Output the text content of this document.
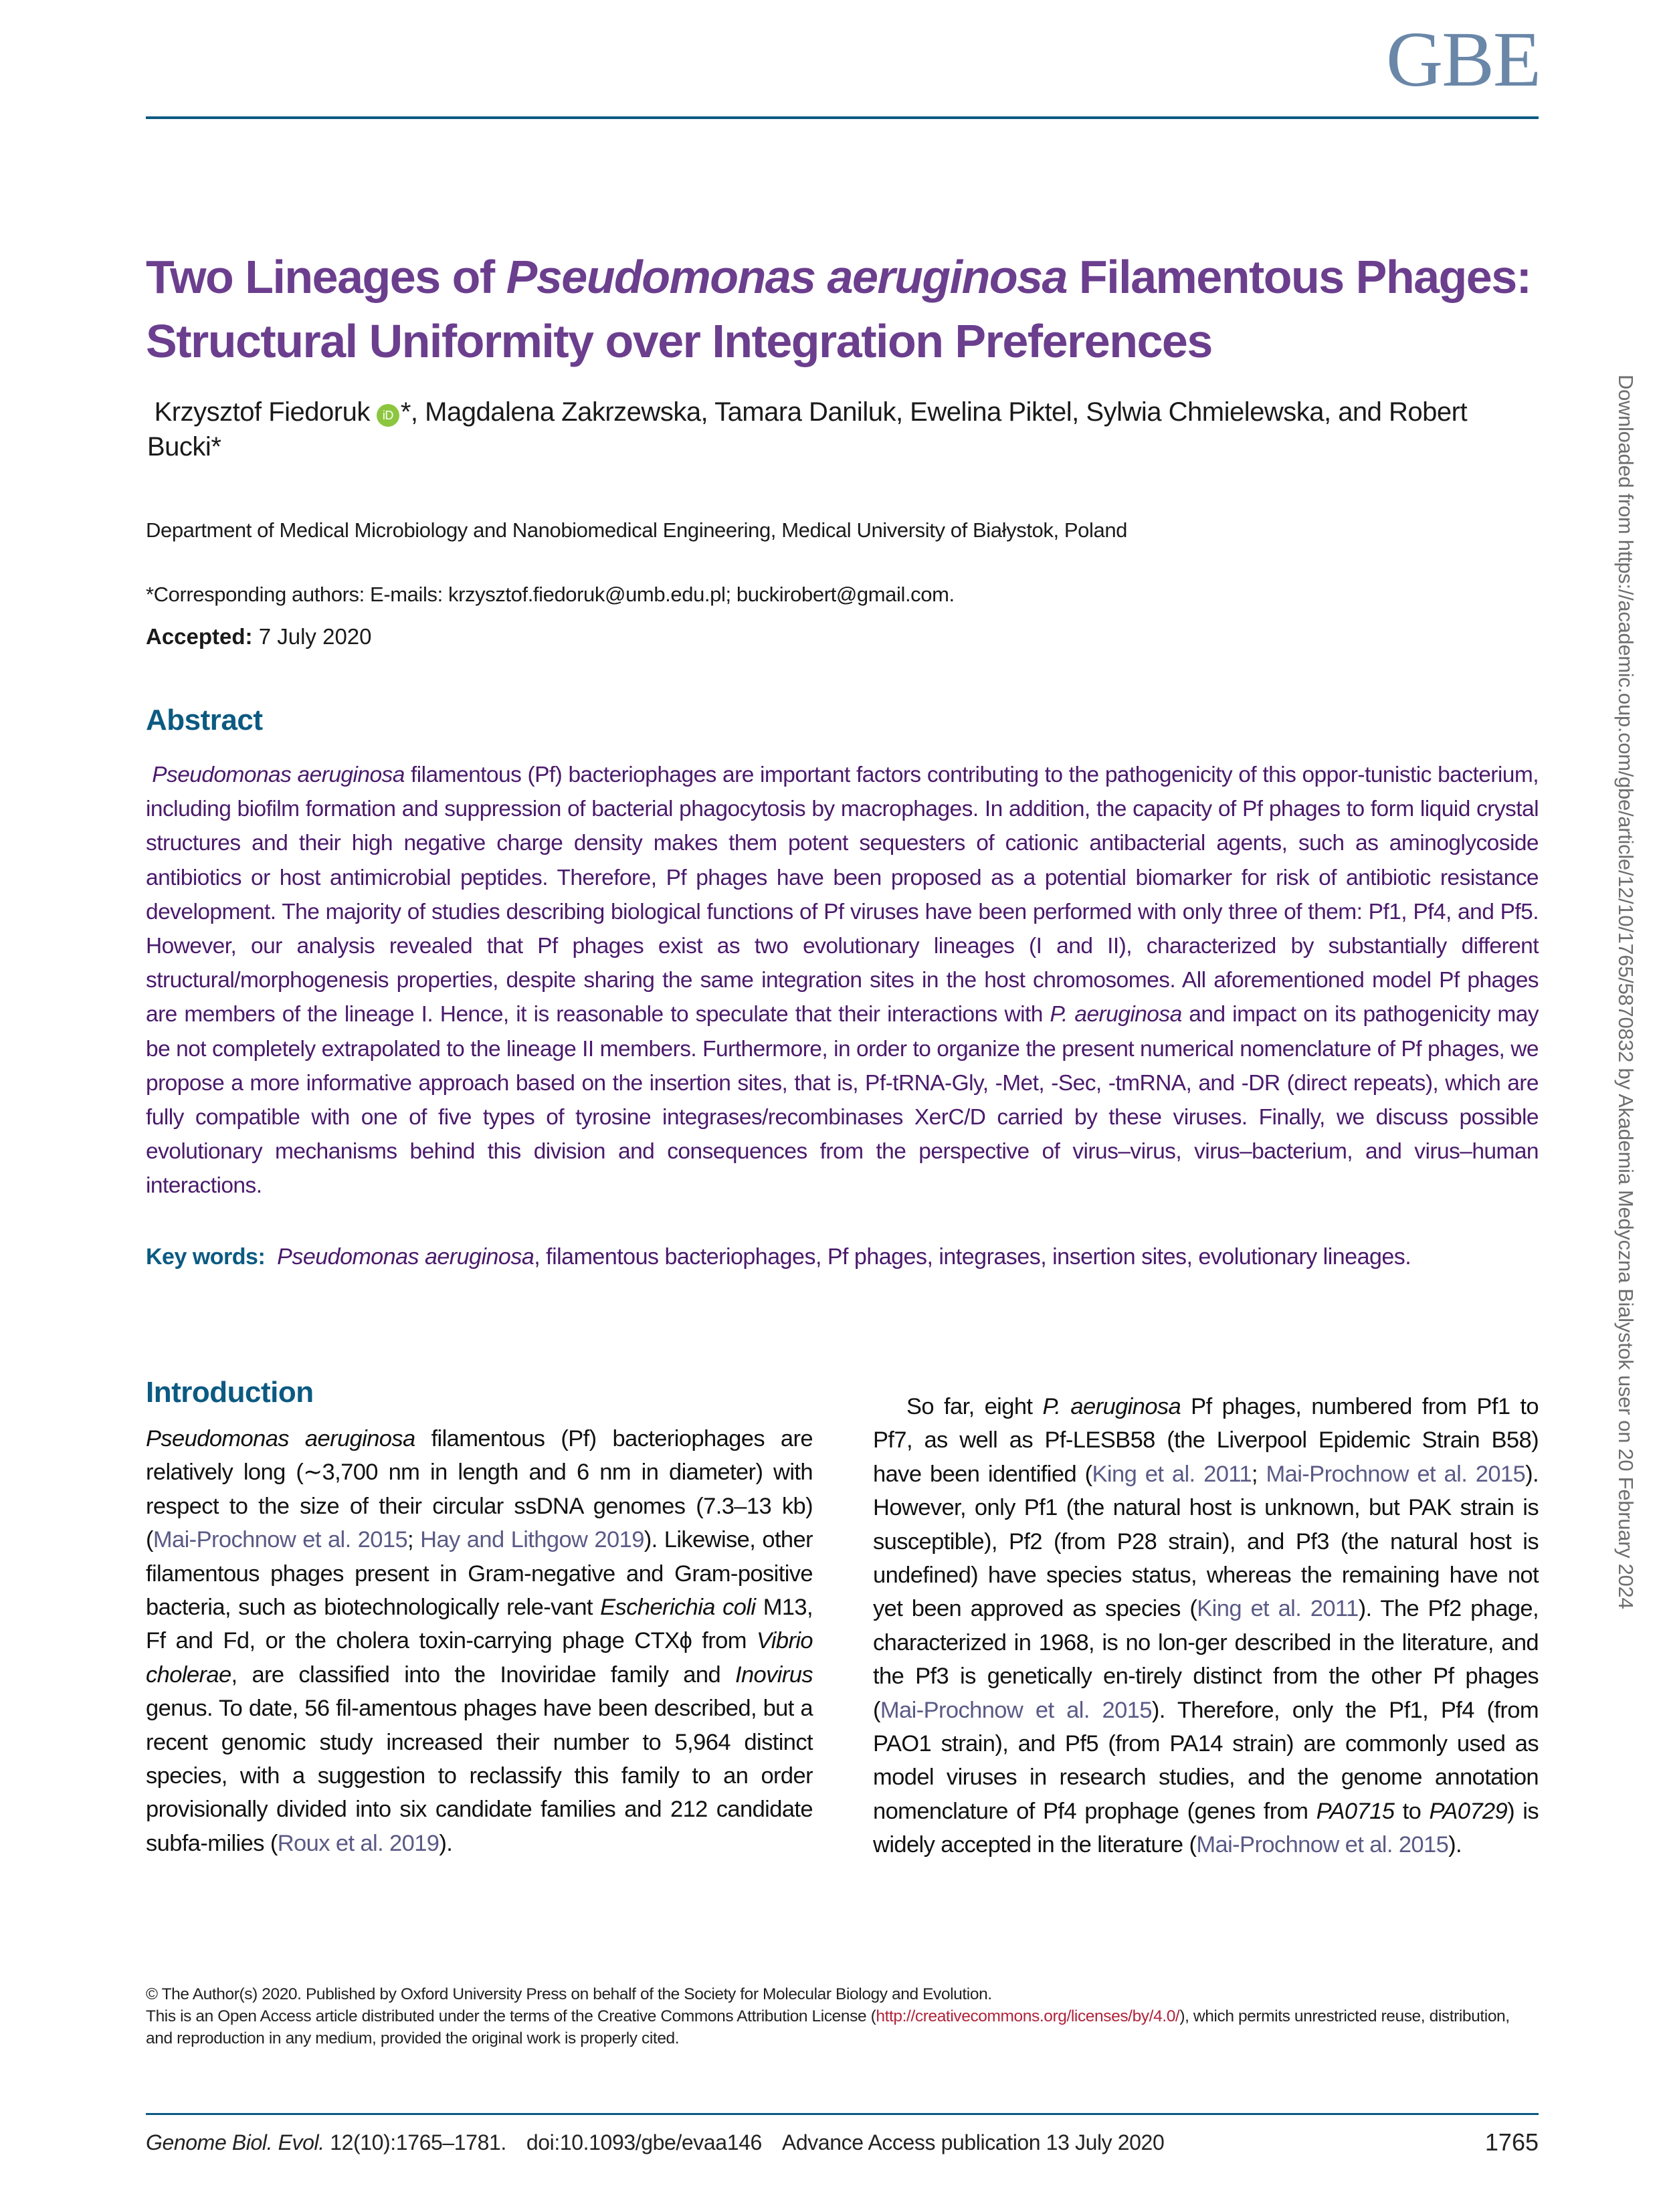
GBE
Two Lineages of Pseudomonas aeruginosa Filamentous Phages: Structural Uniformity over Integration Preferences
Krzysztof Fiedoruk iD *, Magdalena Zakrzewska, Tamara Daniluk, Ewelina Piktel, Sylwia Chmielewska, and Robert Bucki*
Department of Medical Microbiology and Nanobiomedical Engineering, Medical University of Białystok, Poland
*Corresponding authors: E-mails: krzysztof.fiedoruk@umb.edu.pl; buckirobert@gmail.com.
Accepted: 7 July 2020
Abstract
Pseudomonas aeruginosa filamentous (Pf) bacteriophages are important factors contributing to the pathogenicity of this oppor-tunistic bacterium, including biofilm formation and suppression of bacterial phagocytosis by macrophages. In addition, the capacity of Pf phages to form liquid crystal structures and their high negative charge density makes them potent sequesters of cationic antibacterial agents, such as aminoglycoside antibiotics or host antimicrobial peptides. Therefore, Pf phages have been proposed as a potential biomarker for risk of antibiotic resistance development. The majority of studies describing biological functions of Pf viruses have been performed with only three of them: Pf1, Pf4, and Pf5. However, our analysis revealed that Pf phages exist as two evolutionary lineages (I and II), characterized by substantially different structural/morphogenesis properties, despite sharing the same integration sites in the host chromosomes. All aforementioned model Pf phages are members of the lineage I. Hence, it is reasonable to speculate that their interactions with P. aeruginosa and impact on its pathogenicity may be not completely extrapolated to the lineage II members. Furthermore, in order to organize the present numerical nomenclature of Pf phages, we propose a more informative approach based on the insertion sites, that is, Pf-tRNA-Gly, -Met, -Sec, -tmRNA, and -DR (direct repeats), which are fully compatible with one of five types of tyrosine integrases/recombinases XerC/D carried by these viruses. Finally, we discuss possible evolutionary mechanisms behind this division and consequences from the perspective of virus–virus, virus–bacterium, and virus–human interactions.
Key words: Pseudomonas aeruginosa, filamentous bacteriophages, Pf phages, integrases, insertion sites, evolutionary lineages.
Introduction

Pseudomonas aeruginosa filamentous (Pf) bacteriophages are relatively long (∼3,700 nm in length and 6 nm in diameter) with respect to the size of their circular ssDNA genomes (7.3–13 kb) (Mai-Prochnow et al. 2015; Hay and Lithgow 2019). Likewise, other filamentous phages present in Gram-negative and Gram-positive bacteria, such as biotechnologically rele-vant Escherichia coli M13, Ff and Fd, or the cholera toxin-carrying phage CTXϕ from Vibrio cholerae, are classified into the Inoviridae family and Inovirus genus. To date, 56 fil-amentous phages have been described, but a recent genomic study increased their number to 5,964 distinct species, with a suggestion to reclassify this family to an order provisionally divided into six candidate families and 212 candidate subfa-milies (Roux et al. 2019).

So far, eight P. aeruginosa Pf phages, numbered from Pf1 to Pf7, as well as Pf-LESB58 (the Liverpool Epidemic Strain B58) have been identified (King et al. 2011; Mai-Prochnow et al. 2015). However, only Pf1 (the natural host is unknown, but PAK strain is susceptible), Pf2 (from P28 strain), and Pf3 (the natural host is undefined) have species status, whereas the remaining have not yet been approved as species (King et al. 2011). The Pf2 phage, characterized in 1968, is no lon-ger described in the literature, and the Pf3 is genetically en-tirely distinct from the other Pf phages (Mai-Prochnow et al. 2015). Therefore, only the Pf1, Pf4 (from PAO1 strain), and Pf5 (from PA14 strain) are commonly used as model viruses in research studies, and the genome annotation nomenclature of Pf4 prophage (genes from PA0715 to PA0729) is widely accepted in the literature (Mai-Prochnow et al. 2015).

© The Author(s) 2020. Published by Oxford University Press on behalf of the Society for Molecular Biology and Evolution.
This is an Open Access article distributed under the terms of the Creative Commons Attribution License (http://creativecommons.org/licenses/by/4.0/), which permits unrestricted reuse, distribution, and reproduction in any medium, provided the original work is properly cited.
Genome Biol. Evol. 12(10):1765–1781. doi:10.1093/gbe/evaa146 Advance Access publication 13 July 2020	1765
Downloaded from https://academic.oup.com/gbe/article/12/10/1765/5870832 by Akademia Medyczna Bialystok user on 20 February 2024
